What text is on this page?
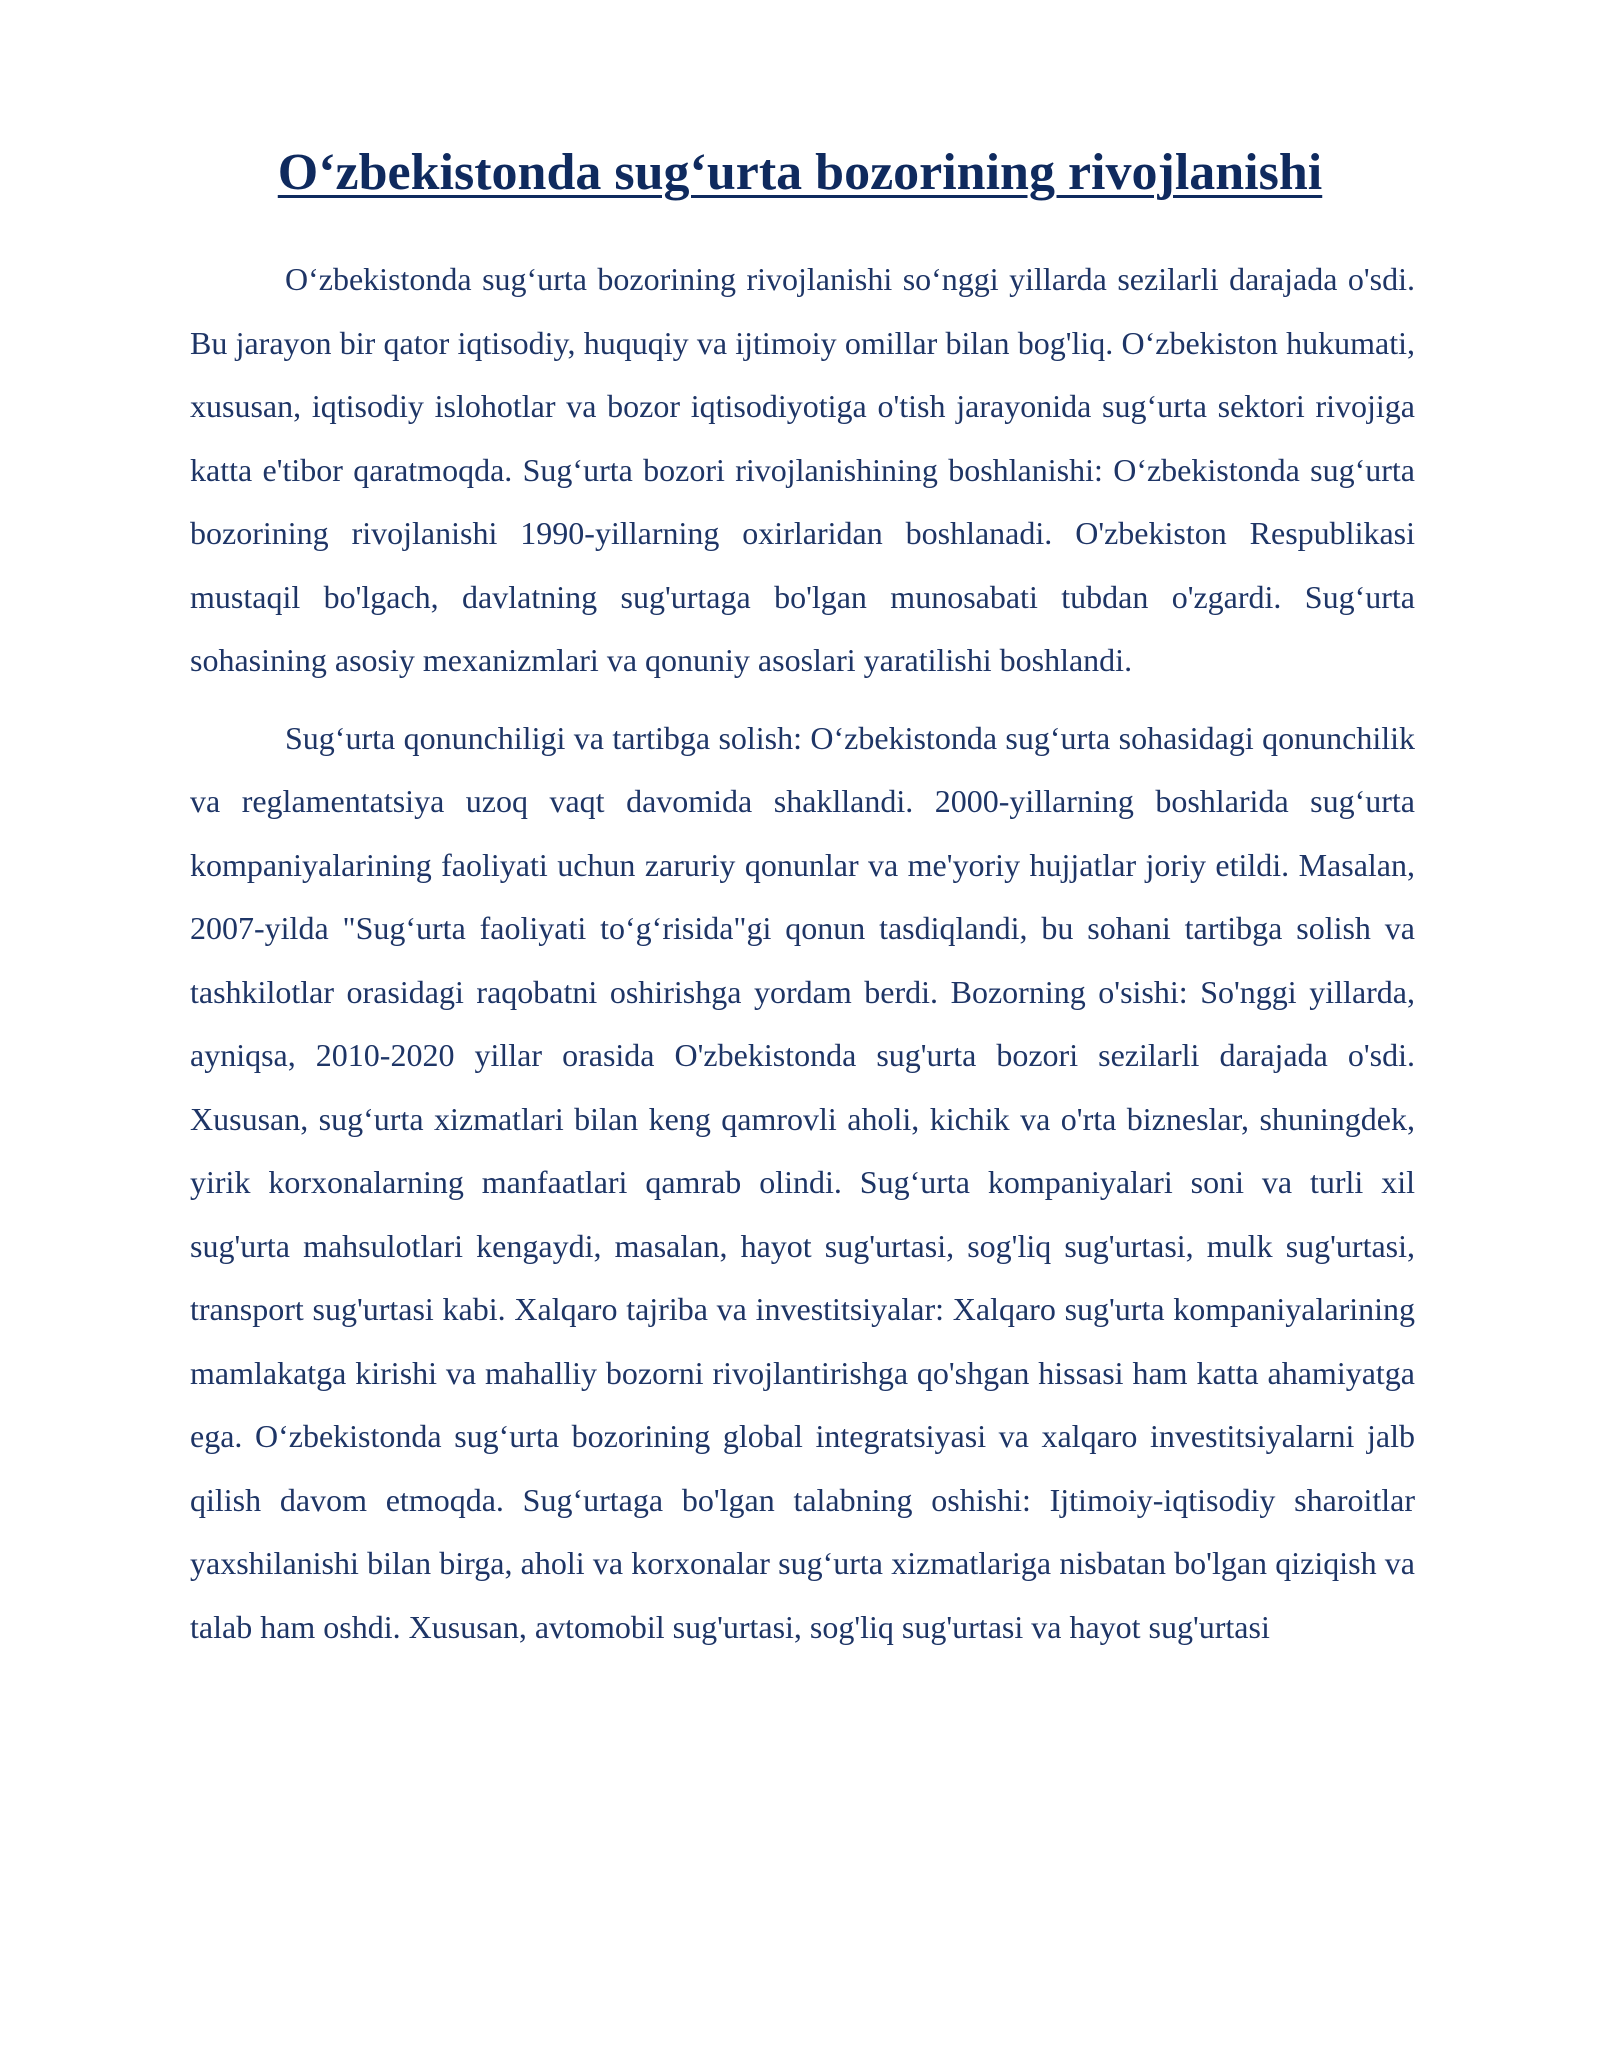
O‘zbekistonda sug‘urta bozorining rivojlanishi

O‘zbekistonda sug‘urta bozorining rivojlanishi so‘nggi yillarda sezilarli darajada o'sdi. Bu jarayon bir qator iqtisodiy, huquqiy va ijtimoiy omillar bilan bog'liq. O‘zbekiston hukumati, xususan, iqtisodiy islohotlar va bozor iqtisodiyotiga o'tish jarayonida sug‘urta sektori rivojiga katta e'tibor qaratmoqda. Sug‘urta bozori rivojlanishining boshlanishi: O‘zbekistonda sug‘urta bozorining rivojlanishi 1990-yillarning oxirlaridan boshlanadi. O'zbekiston Respublikasi mustaqil bo'lgach, davlatning sug'urtaga bo'lgan munosabati tubdan o'zgardi. Sug‘urta sohasining asosiy mexanizmlari va qonuniy asoslari yaratilishi boshlandi.

Sug‘urta qonunchiligi va tartibga solish: O‘zbekistonda sug‘urta sohasidagi qonunchilik va reglamentatsiya uzoq vaqt davomida shakllandi. 2000-yillarning boshlarida sug‘urta kompaniyalarining faoliyati uchun zaruriy qonunlar va me'yoriy hujjatlar joriy etildi. Masalan, 2007-yilda "Sug‘urta faoliyati to‘g‘risida"gi qonun tasdiqlandi, bu sohani tartibga solish va tashkilotlar orasidagi raqobatni oshirishga yordam berdi. Bozorning o'sishi: So'nggi yillarda, ayniqsa, 2010-2020 yillar orasida O'zbekistonda sug'urta bozori sezilarli darajada o'sdi. Xususan, sug‘urta xizmatlari bilan keng qamrovli aholi, kichik va o'rta bizneslar, shuningdek, yirik korxonalarning manfaatlari qamrab olindi. Sug‘urta kompaniyalari soni va turli xil sug'urta mahsulotlari kengaydi, masalan, hayot sug'urtasi, sog'liq sug'urtasi, mulk sug'urtasi, transport sug'urtasi kabi. Xalqaro tajriba va investitsiyalar: Xalqaro sug'urta kompaniyalarining mamlakatga kirishi va mahalliy bozorni rivojlantirishga qo'shgan hissasi ham katta ahamiyatga ega. O‘zbekistonda sug‘urta bozorining global integratsiyasi va xalqaro investitsiyalarni jalb qilish davom etmoqda. Sug‘urtaga bo'lgan talabning oshishi: Ijtimoiy-iqtisodiy sharoitlar yaxshilanishi bilan birga, aholi va korxonalar sug‘urta xizmatlariga nisbatan bo'lgan qiziqish va talab ham oshdi. Xususan, avtomobil sug'urtasi, sog'liq sug'urtasi va hayot sug'urtasi
